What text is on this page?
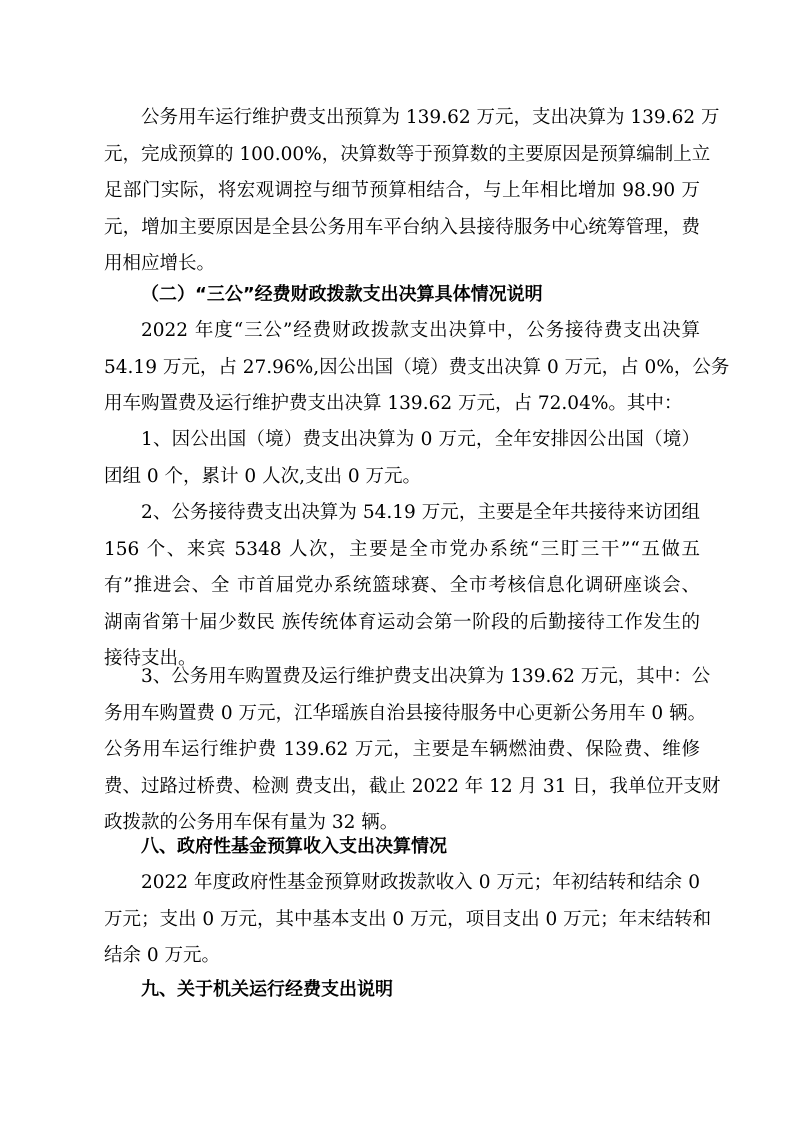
公务用车运行维护费支出预算为 139.62 万元，支出决算为 139.62 万
元，完成预算的 100.00%，决算数等于预算数的主要原因是预算编制上立
足部门实际，将宏观调控与细节预算相结合，与上年相比增加 98.90 万
元，增加主要原因是全县公务用车平台纳入县接待服务中心统筹管理，费
用相应增长。
（二）“三公”经费财政拨款支出决算具体情况说明
2022 年度“三公”经费财政拨款支出决算中，公务接待费支出决算
54.19 万元，占 27.96%,因公出国（境）费支出决算 0 万元，占 0%，公务
用车购置费及运行维护费支出决算 139.62 万元，占 72.04%。其中：
1、因公出国（境）费支出决算为 0 万元，全年安排因公出国（境）
团组 0 个，累计 0 人次,支出 0 万元。
2、公务接待费支出决算为 54.19 万元，主要是全年共接待来访团组
156 个、来宾 5348 人次，主要是全市党办系统“三盯三干”“五做五
有”推进会、全 市首届党办系统篮球赛、全市考核信息化调研座谈会、
湖南省第十届少数民 族传统体育运动会第一阶段的后勤接待工作发生的
接待支出。
3、公务用车购置费及运行维护费支出决算为 139.62 万元，其中：公
务用车购置费 0 万元，江华瑶族自治县接待服务中心更新公务用车 0 辆。
公务用车运行维护费 139.62 万元，主要是车辆燃油费、保险费、维修
费、过路过桥费、检测 费支出，截止 2022 年 12 月 31 日，我单位开支财
政拨款的公务用车保有量为 32 辆。
八、政府性基金预算收入支出决算情况
2022 年度政府性基金预算财政拨款收入 0 万元；年初结转和结余 0
万元；支出 0 万元，其中基本支出 0 万元，项目支出 0 万元；年末结转和
结余 0 万元。
九、关于机关运行经费支出说明
